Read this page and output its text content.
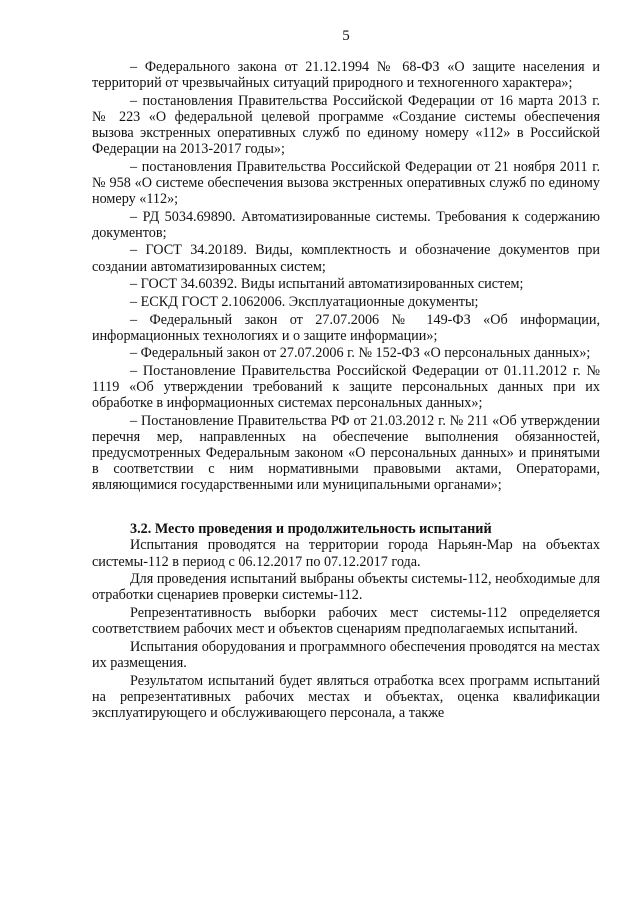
5

– Федерального закона от 21.12.1994 № 68-ФЗ «О защите населения и территорий от чрезвычайных ситуаций природного и техногенного характера»;

– постановления Правительства Российской Федерации от 16 марта 2013 г. № 223 «О федеральной целевой программе «Создание системы обеспечения вызова экстренных оперативных служб по единому номеру «112» в Российской Федерации на 2013-2017 годы»;

– постановления Правительства Российской Федерации от 21 ноября 2011 г. № 958 «О системе обеспечения вызова экстренных оперативных служб по единому номеру «112»;

– РД 5034.69890. Автоматизированные системы. Требования к содержанию документов;

– ГОСТ 34.20189. Виды, комплектность и обозначение документов при создании автоматизированных систем;

– ГОСТ 34.60392. Виды испытаний автоматизированных систем;

– ЕСКД ГОСТ 2.1062006. Эксплуатационные документы;

– Федеральный закон от 27.07.2006 № 149-ФЗ «Об информации, информационных технологиях и о защите информации»;

– Федеральный закон от 27.07.2006 г. № 152-ФЗ «О персональных данных»;

– Постановление Правительства Российской Федерации от 01.11.2012 г. № 1119 «Об утверждении требований к защите персональных данных при их обработке в информационных системах персональных данных»;

– Постановление Правительства РФ от 21.03.2012 г. № 211 «Об утверждении перечня мер, направленных на обеспечение выполнения обязанностей, предусмотренных Федеральным законом «О персональных данных» и принятыми в соответствии с ним нормативными правовыми актами, Операторами, являющимися государственными или муниципальными органами»;

3.2. Место проведения и продолжительность испытаний

Испытания проводятся на территории города Нарьян-Мар на объектах системы-112 в период с 06.12.2017 по 07.12.2017 года.

Для проведения испытаний выбраны объекты системы-112, необходимые для отработки сценариев проверки системы-112.

Репрезентативность выборки рабочих мест системы-112 определяется соответствием рабочих мест и объектов сценариям предполагаемых испытаний.

Испытания оборудования и программного обеспечения проводятся на местах их размещения.

Результатом испытаний будет являться отработка всех программ испытаний на репрезентативных рабочих местах и объектах, оценка квалификации эксплуатирующего и обслуживающего персонала, а также
